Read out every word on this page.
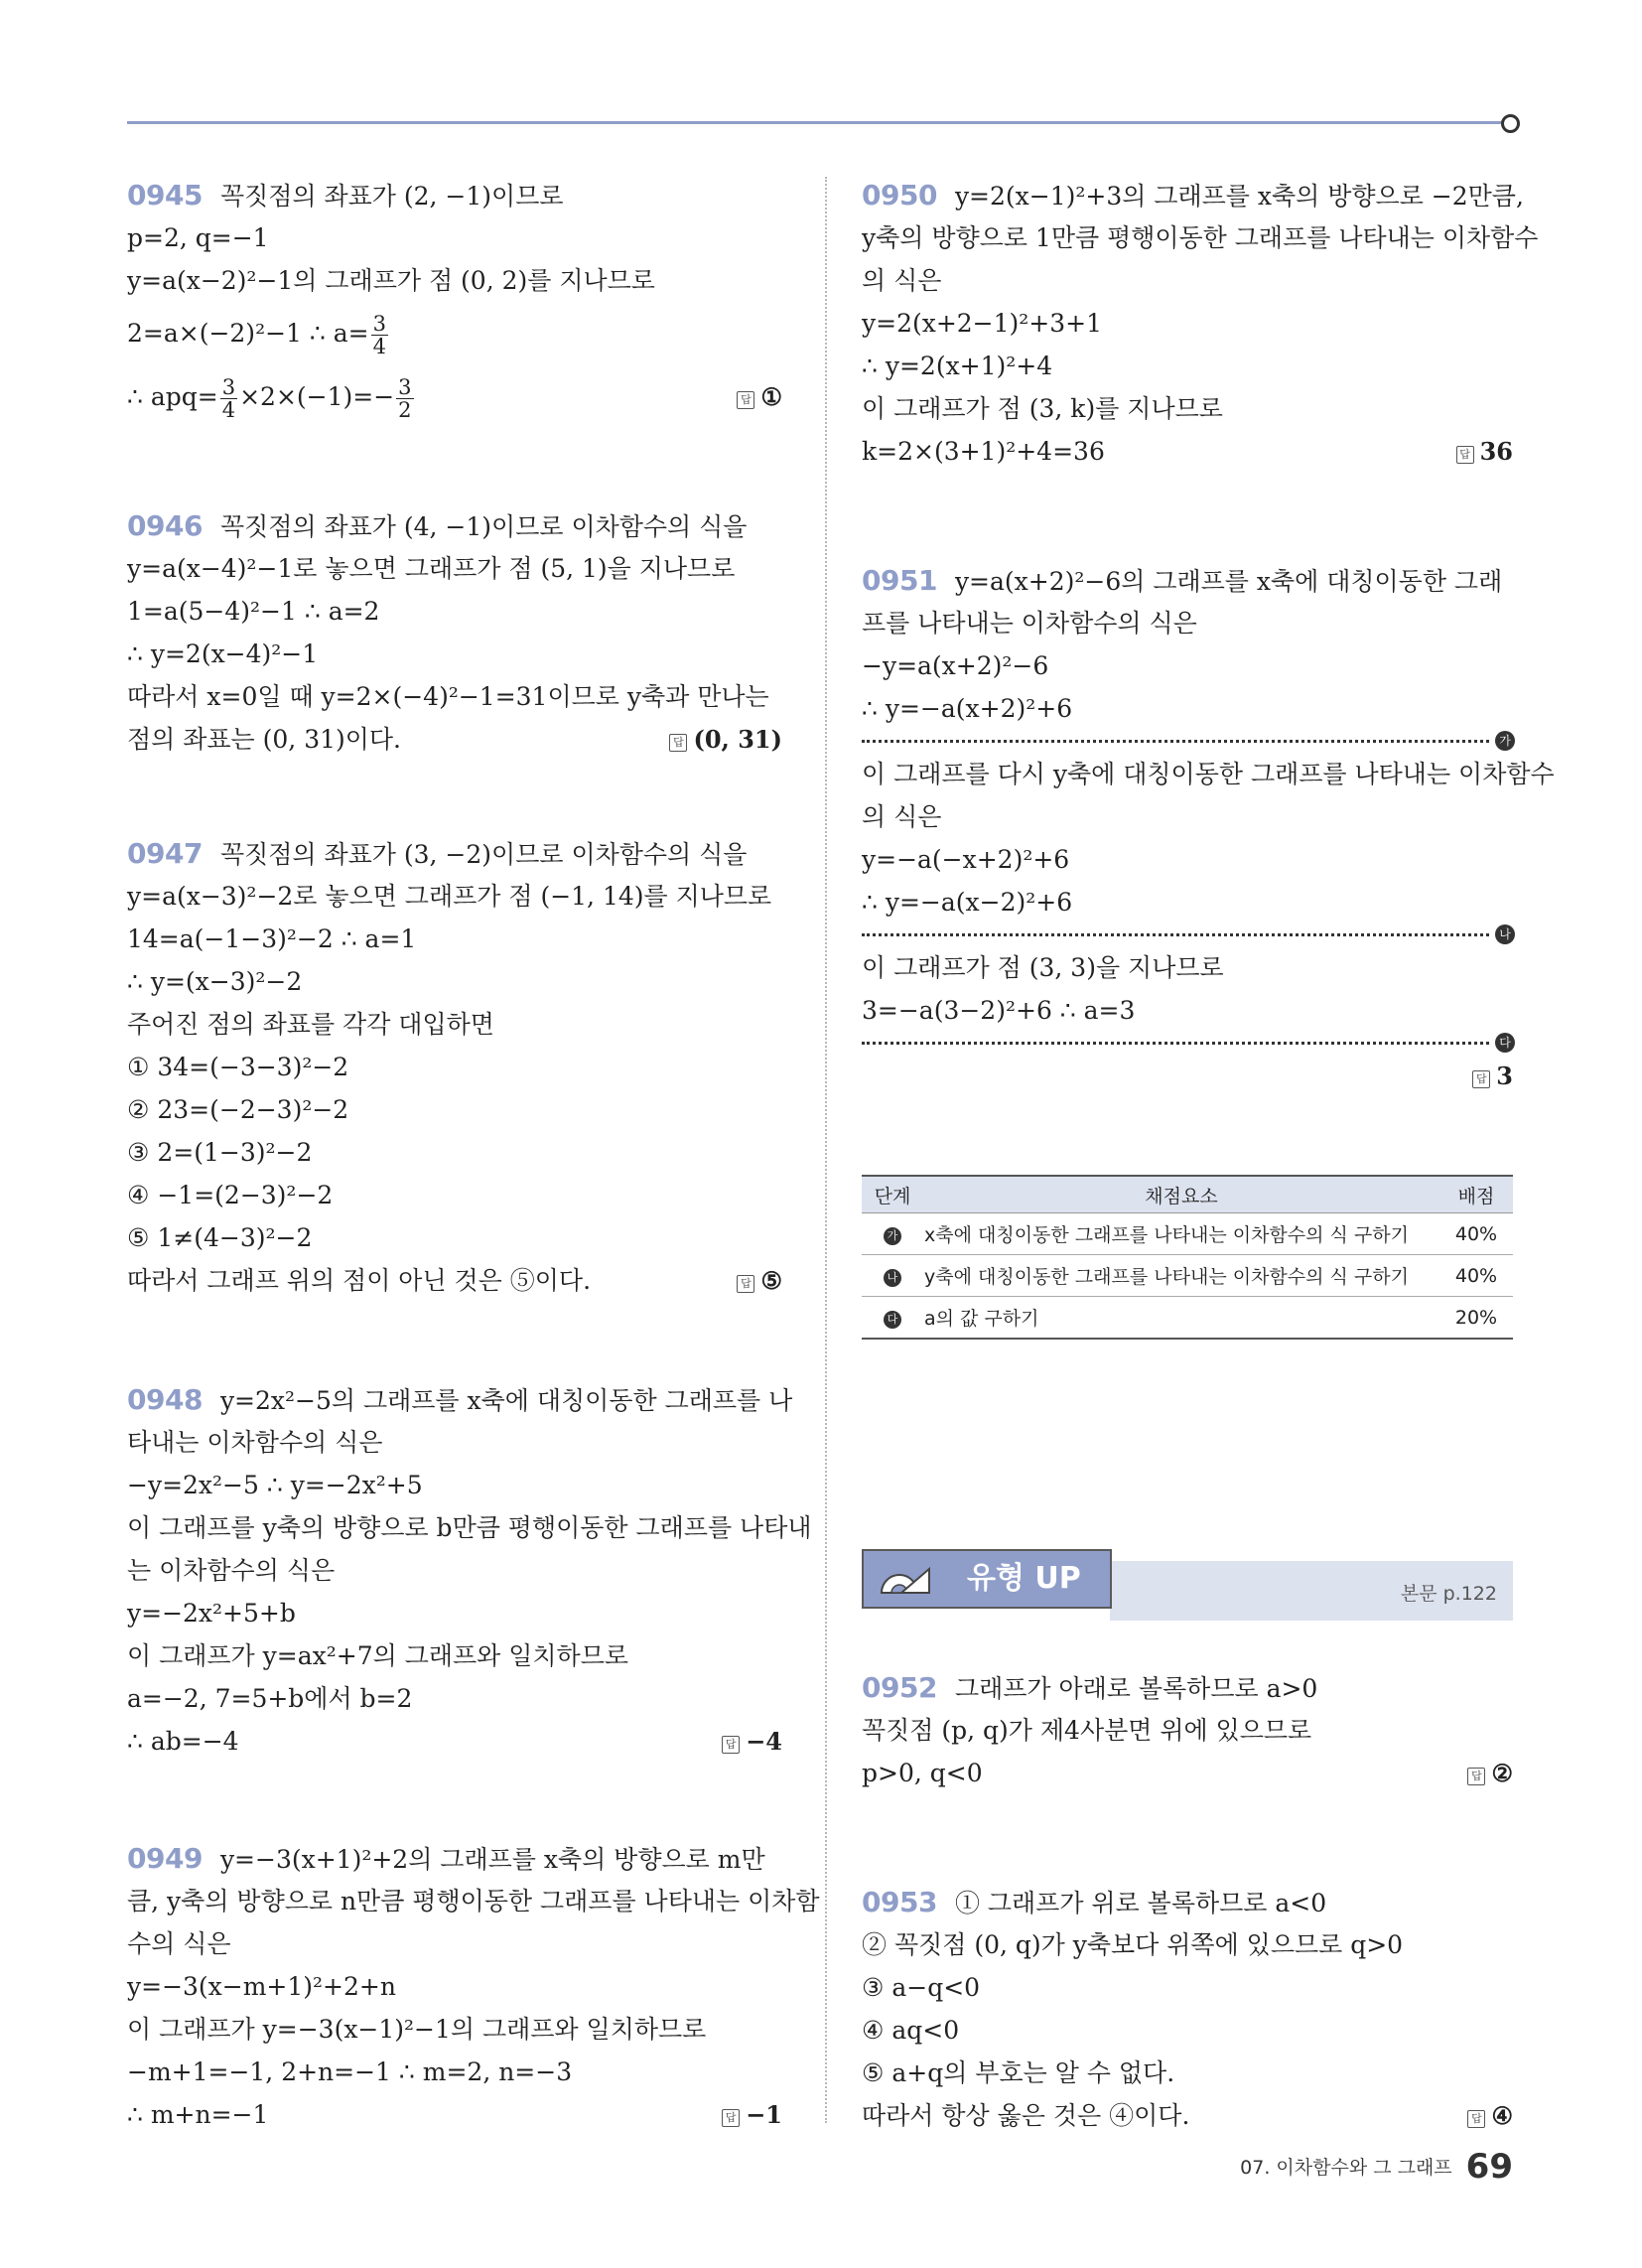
0945 꼭짓점의 좌표가 (2, −1)이므로
p=2, q=−1
y=a(x−2)²−1의 그래프가 점 (0, 2)를 지나므로
2=a×(−2)²−1 ∴ $a= \frac{3}{4}$
∴ $apq= \frac{3}{4} \times 2\times(-1)=- \frac{3}{2}$	답 ①
0946 꼭짓점의 좌표가 (4, −1)이므로 이차함수의 식을
y=a(x−4)²−1로 놓으면 그래프가 점 (5, 1)을 지나므로
1=a(5−4)²−1 ∴ a=2
∴ y=2(x−4)²−1
따라서 x=0일 때 y=2×(−4)²−1=31이므로 y축과 만나는
점의 좌표는 (0, 31)이다.	답 (0, 31)
0947 꼭짓점의 좌표가 (3, −2)이므로 이차함수의 식을
y=a(x−3)²−2로 놓으면 그래프가 점 (−1, 14)를 지나므로
14=a(−1−3)²−2 ∴ a=1
∴ y=(x−3)²−2
주어진 점의 좌표를 각각 대입하면
① 34=(−3−3)²−2
② 23=(−2−3)²−2
③ 2=(1−3)²−2
④ −1=(2−3)²−2
⑤ 1≠(4−3)²−2
따라서 그래프 위의 점이 아닌 것은 ⑤이다.	답 ⑤
0948 y=2x²−5의 그래프를 x축에 대칭이동한 그래프를 나
타내는 이차함수의 식은
−y=2x²−5 ∴ y=−2x²+5
이 그래프를 y축의 방향으로 b만큼 평행이동한 그래프를 나타내
는 이차함수의 식은
y=−2x²+5+b
이 그래프가 y=ax²+7의 그래프와 일치하므로
a=−2, 7=5+b에서 b=2
∴ ab=−4	답 −4
0949 y=−3(x+1)²+2의 그래프를 x축의 방향으로 m만
큼, y축의 방향으로 n만큼 평행이동한 그래프를 나타내는 이차함
수의 식은
y=−3(x−m+1)²+2+n
이 그래프가 y=−3(x−1)²−1의 그래프와 일치하므로
−m+1=−1, 2+n=−1 ∴ m=2, n=−3
∴ m+n=−1	답 −1
0950 y=2(x−1)²+3의 그래프를 x축의 방향으로 −2만큼,
y축의 방향으로 1만큼 평행이동한 그래프를 나타내는 이차함수
의 식은
y=2(x+2−1)²+3+1
∴ y=2(x+1)²+4
이 그래프가 점 (3, k)를 지나므로
k=2×(3+1)²+4=36	답 36
0951 y=a(x+2)²−6의 그래프를 x축에 대칭이동한 그래
프를 나타내는 이차함수의 식은
−y=a(x+2)²−6
∴ y=−a(x+2)²+6
가
이 그래프를 다시 y축에 대칭이동한 그래프를 나타내는 이차함수
의 식은
y=−a(−x+2)²+6
∴ y=−a(x−2)²+6
나
이 그래프가 점 (3, 3)을 지나므로
3=−a(3−2)²+6 ∴ a=3
다
답 3
단계	채점요소	배점
가	x축에 대칭이동한 그래프를 나타내는 이차함수의 식 구하기	40%
나	y축에 대칭이동한 그래프를 나타내는 이차함수의 식 구하기	40%
다	a의 값 구하기	20%
유형 UP	본문 p.122
0952 그래프가 아래로 볼록하므로 a>0
꼭짓점 (p, q)가 제4사분면 위에 있으므로
p>0, q<0	답 ②
0953 ① 그래프가 위로 볼록하므로 a<0
② 꼭짓점 (0, q)가 y축보다 위쪽에 있으므로 q>0
③ a−q<0
④ aq<0
⑤ a+q의 부호는 알 수 없다.
따라서 항상 옳은 것은 ④이다.	답 ④
07. 이차함수와 그 그래프 69
